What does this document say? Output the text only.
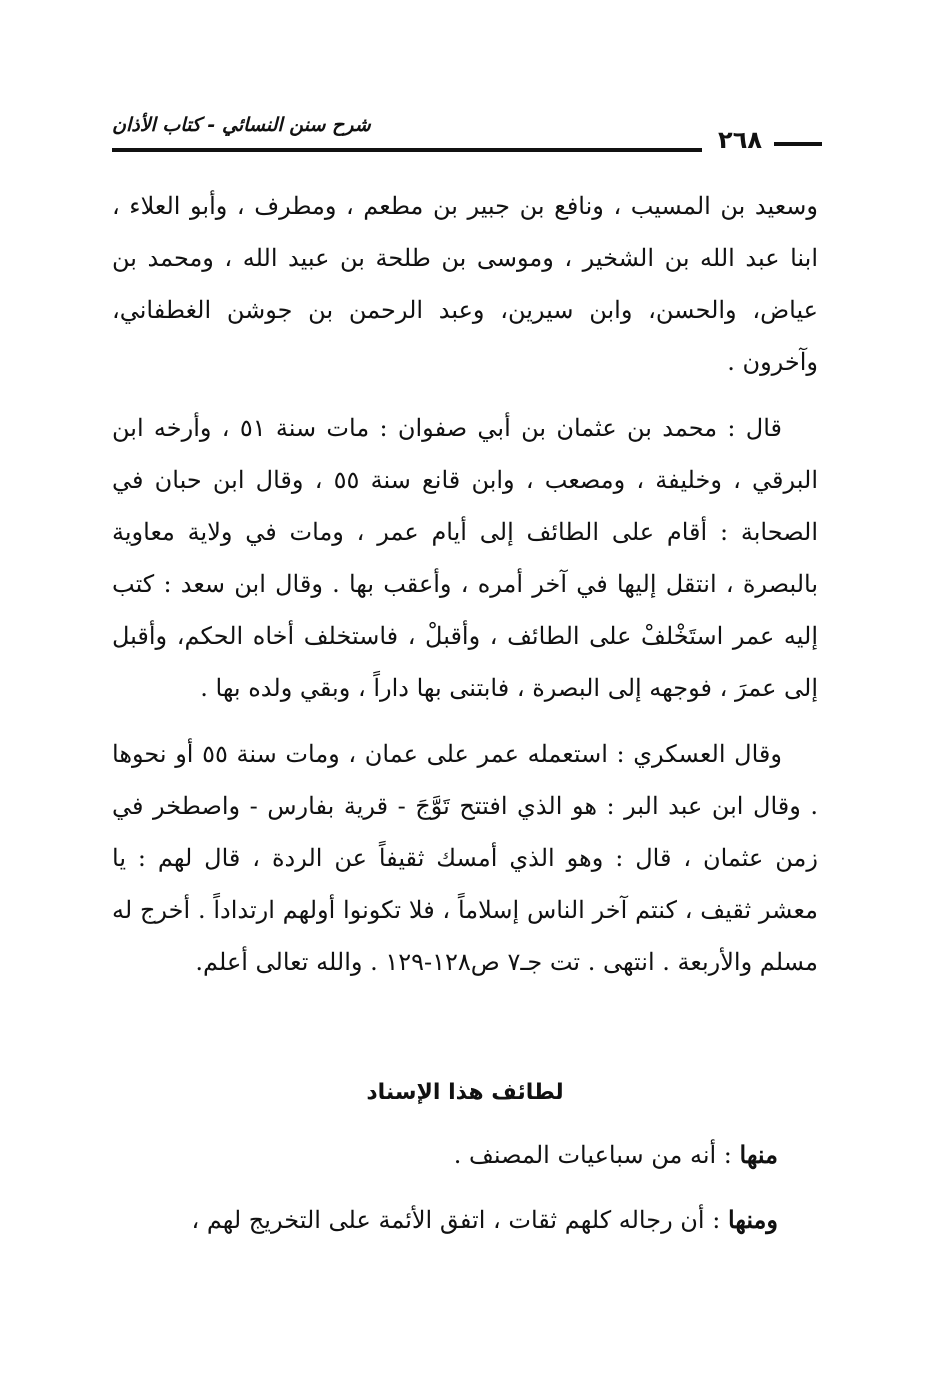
شرح سنن النسائي - كتاب الأذان
٢٦٨

وسعيد بن المسيب ، ونافع بن جبير بن مطعم ، ومطرف ، وأبو العلاء ، ابنا عبد الله بن الشخير ، وموسى بن طلحة بن عبيد الله ، ومحمد بن عياض، والحسن، وابن سيرين، وعبد الرحمن بن جوشن الغطفاني، وآخرون .

قال : محمد بن عثمان بن أبي صفوان : مات سنة ٥١ ، وأرخه ابن البرقي ، وخليفة ، ومصعب ، وابن قانع سنة ٥٥ ، وقال ابن حبان في الصحابة : أقام على الطائف إلى أيام عمر ، ومات في ولاية معاوية بالبصرة ، انتقل إليها في آخر أمره ، وأعقب بها . وقال ابن سعد : كتب إليه عمر استَخْلفْ على الطائف ، وأقبلْ ، فاستخلف أخاه الحكم، وأقبل إلى عمرَ ، فوجهه إلى البصرة ، فابتنى بها داراً ، وبقي ولده بها .

وقال العسكري : استعمله عمر على عمان ، ومات سنة ٥٥ أو نحوها . وقال ابن عبد البر : هو الذي افتتح تَوَّجَ - قرية بفارس - واصطخر في زمن عثمان ، قال : وهو الذي أمسك ثقيفاً عن الردة ، قال لهم : يا معشر ثقيف ، كنتم آخر الناس إسلاماً ، فلا تكونوا أولهم ارتداداً . أخرج له مسلم والأربعة . انتهى . تت جـ٧ ص١٢٨-١٢٩ . والله تعالى أعلم.

لطائف هذا الإسناد
منها : أنه من سباعيات المصنف .
ومنها : أن رجاله كلهم ثقات ، اتفق الأئمة على التخريج لهم ،
